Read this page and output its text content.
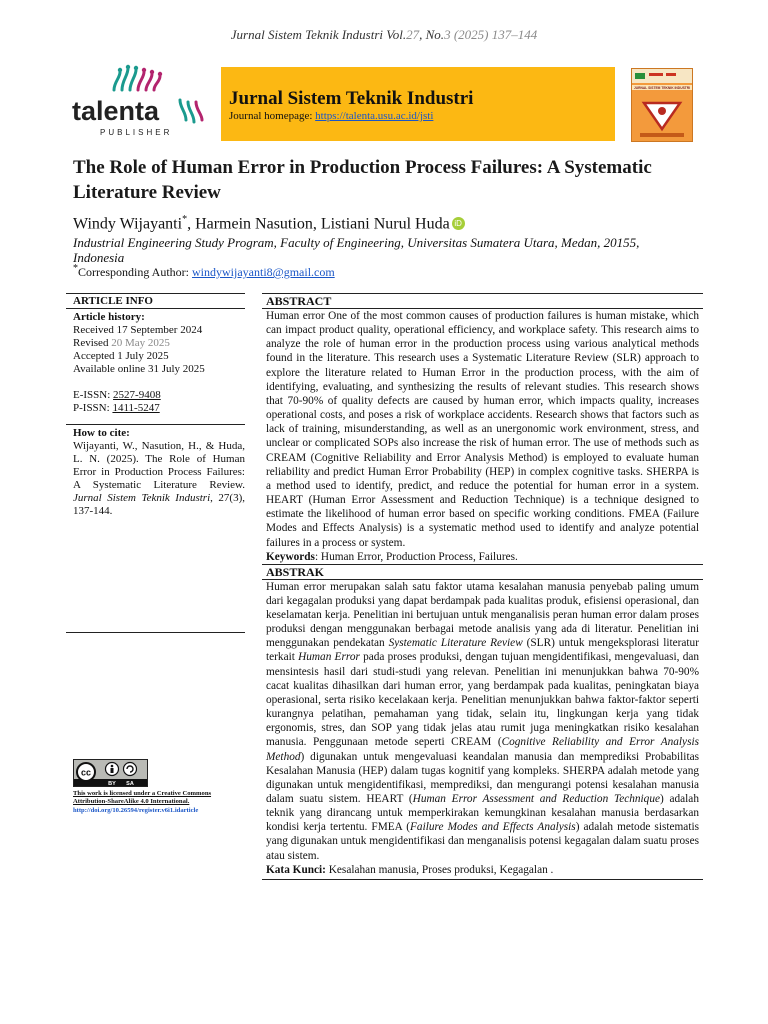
Jurnal Sistem Teknik Industri Vol.27, No.3 (2025) 137–144
talenta
PUBLISHER
Jurnal Sistem Teknik Industri
Journal homepage: https://talenta.usu.ac.id/jsti
JURNAL SISTEM TEKNIK INDUSTRI
The Role of Human Error in Production Process Failures: A Systematic Literature Review
Windy Wijayanti*, Harmein Nasution, Listiani Nurul Huda iD
Industrial Engineering Study Program, Faculty of Engineering, Universitas Sumatera Utara, Medan, 20155, Indonesia
*Corresponding Author: windywijayanti8@gmail.com
ARTICLE INFO
Article history:
Received 17 September 2024
Revised 20 May 2025
Accepted 1 July 2025
Available online 31 July 2025
E-ISSN: 2527-9408
P-ISSN: 1411-5247
How to cite:
Wijayanti, W., Nasution, H., & Huda, L. N. (2025). The Role of Human Error in Production Process Failures: A Systematic Literature Review. Jurnal Sistem Teknik Industri, 27(3), 137-144.
cc
BY SA
This work is licensed under a Creative Commons Attribution-ShareAlike 4.0 International.
http://doi.org/10.26594/register.v6i1.idarticle
ABSTRACT
Human error One of the most common causes of production failures is human mistake, which can impact product quality, operational efficiency, and workplace safety. This research aims to analyze the role of human error in the production process using various analytical methods found in the literature. This research uses a Systematic Literature Review (SLR) approach to explore the literature related to Human Error in the production process, with the aim of identifying, evaluating, and synthesizing the results of relevant studies. This research shows that 70-90% of quality defects are caused by human error, which impacts quality, increases operational costs, and poses a risk of workplace accidents. Research shows that factors such as lack of training, misunderstanding, as well as an unergonomic work environment, stress, and unclear or complicated SOPs also increase the risk of human error. The use of methods such as CREAM (Cognitive Reliability and Error Analysis Method) is employed to evaluate human reliability and predict Human Error Probability (HEP) in complex cognitive tasks. SHERPA is a method used to identify, predict, and reduce the potential for human error in a system. HEART (Human Error Assessment and Reduction Technique) is a technique designed to estimate the likelihood of human error based on specific working conditions. FMEA (Failure Modes and Effects Analysis) is a systematic method used to identify and analyze potential failures in a process or system.
Keywords: Human Error, Production Process, Failures.
ABSTRAK
Human error merupakan salah satu faktor utama kesalahan manusia penyebab paling umum dari kegagalan produksi yang dapat berdampak pada kualitas produk, efisiensi operasional, dan keselamatan kerja. Penelitian ini bertujuan untuk menganalisis peran human error dalam proses produksi dengan menggunakan berbagai metode analisis yang ada di literatur. Penelitian ini menggunakan pendekatan Systematic Literature Review (SLR) untuk mengeksplorasi literatur terkait Human Error pada proses produksi, dengan tujuan mengidentifikasi, mengevaluasi, dan mensintesis hasil dari studi-studi yang relevan. Penelitian ini menunjukkan bahwa 70-90% cacat kualitas dihasilkan dari human error, yang berdampak pada kualitas, peningkatan biaya operasional, serta risiko kecelakaan kerja. Penelitian menunjukkan bahwa faktor-faktor seperti kurangnya pelatihan, pemahaman yang tidak, selain itu, lingkungan kerja yang tidak ergonomis, stres, dan SOP yang tidak jelas atau rumit juga meningkatkan risiko kesalahan manusia. Penggunaan metode seperti CREAM (Cognitive Reliability and Error Analysis Method) digunakan untuk mengevaluasi keandalan manusia dan memprediksi Probabilitas Kesalahan Manusia (HEP) dalam tugas kognitif yang kompleks. SHERPA adalah metode yang digunakan untuk mengidentifikasi, memprediksi, dan mengurangi potensi kesalahan manusia dalam suatu sistem. HEART (Human Error Assessment and Reduction Technique) adalah teknik yang dirancang untuk memperkirakan kemungkinan kesalahan manusia berdasarkan kondisi kerja tertentu. FMEA (Failure Modes and Effects Analysis) adalah metode sistematis yang digunakan untuk mengidentifikasi dan menganalisis potensi kegagalan dalam suatu proses atau sistem.
Kata Kunci: Kesalahan manusia, Proses produksi, Kegagalan .
